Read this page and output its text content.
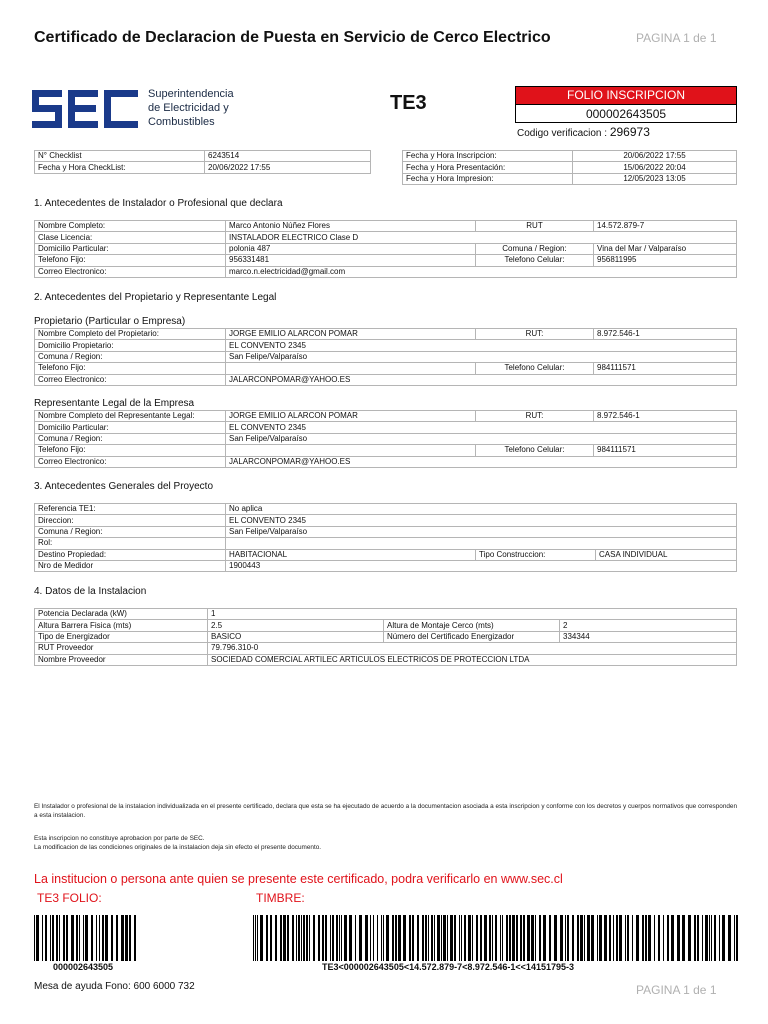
Certificado de Declaracion de Puesta en Servicio de Cerco Electrico	PAGINA 1 de 1
Superintendencia
de Electricidad y
Combustibles
TE3	FOLIO INSCRIPCION
000002643505
Codigo verificacion : 296973
N° Checklist	6243514
Fecha y Hora CheckList:	20/06/2022 17:55
Fecha y Hora Inscripcion:	20/06/2022 17:55
Fecha y Hora Presentación:	15/06/2022 20:04
Fecha y Hora Impresion:	12/05/2023 13:05
1. Antecedentes de Instalador o Profesional que declara
Nombre Completo:	Marco Antonio Núñez Flores	RUT	14.572.879-7
Clase Licencia:	INSTALADOR ELECTRICO Clase D		
Domicilio Particular:	polonia 487	Comuna / Region:	Vina del Mar / Valparaíso
Telefono Fijo:	956331481	Telefono Celular:	956811995
Correo Electronico:	marco.n.electricidad@gmail.com		
2. Antecedentes del Propietario y Representante Legal
Propietario (Particular o Empresa)
Nombre Completo del Propietario:	JORGE EMILIO ALARCON POMAR	RUT:	8.972.546-1
Domicilio Propietario:	EL CONVENTO 2345		
Comuna / Region:	San Felipe/Valparaíso		
Telefono Fijo:		Telefono Celular:	984111571
Correo Electronico:	JALARCONPOMAR@YAHOO.ES		
Representante Legal de la Empresa
Nombre Completo del Representante Legal:	JORGE EMILIO ALARCON POMAR	RUT:	8.972.546-1
Domicilio Particular:	EL CONVENTO 2345		
Comuna / Region:	San Felipe/Valparaíso		
Telefono Fijo:		Telefono Celular:	984111571
Correo Electronico:	JALARCONPOMAR@YAHOO.ES		
3. Antecedentes Generales del Proyecto
Referencia TE1:	No aplica		
Direccion:	EL CONVENTO 2345		
Comuna / Region:	San Felipe/Valparaíso		
Rol:			
Destino Propiedad:	HABITACIONAL	Tipo Construccion:	CASA INDIVIDUAL
Nro de Medidor	1900443		
4. Datos de la Instalacion
Potencia Declarada (kW)	1		
Altura Barrera Fisica (mts)	2.5	Altura de Montaje Cerco (mts)	2
Tipo de Energizador	BASICO	Número del Certificado Energizador	334344
RUT Proveedor	79.796.310-0		
Nombre Proveedor	SOCIEDAD COMERCIAL ARTILEC ARTICULOS ELECTRICOS DE PROTECCION LTDA		
El Instalador o profesional de la instalacion individualizada en el presente certificado, declara que esta se ha ejecutado de acuerdo a la documentacion asociada a esta inscripcion y conforme con los decretos y cuerpos normativos que corresponden a esta instalacion.
Esta inscripcion no constituye aprobacion por parte de SEC.
La modificacion de las condiciones originales de la instalacion deja sin efecto el presente documento.
La institucion o persona ante quien se presente este certificado, podra verificarlo en www.sec.cl
TE3 FOLIO:	TIMBRE:
000002643505	TE3<000002643505<14.572.879-7<8.972.546-1<<14151795-3
Mesa de ayuda Fono: 600 6000 732	PAGINA 1 de 1
